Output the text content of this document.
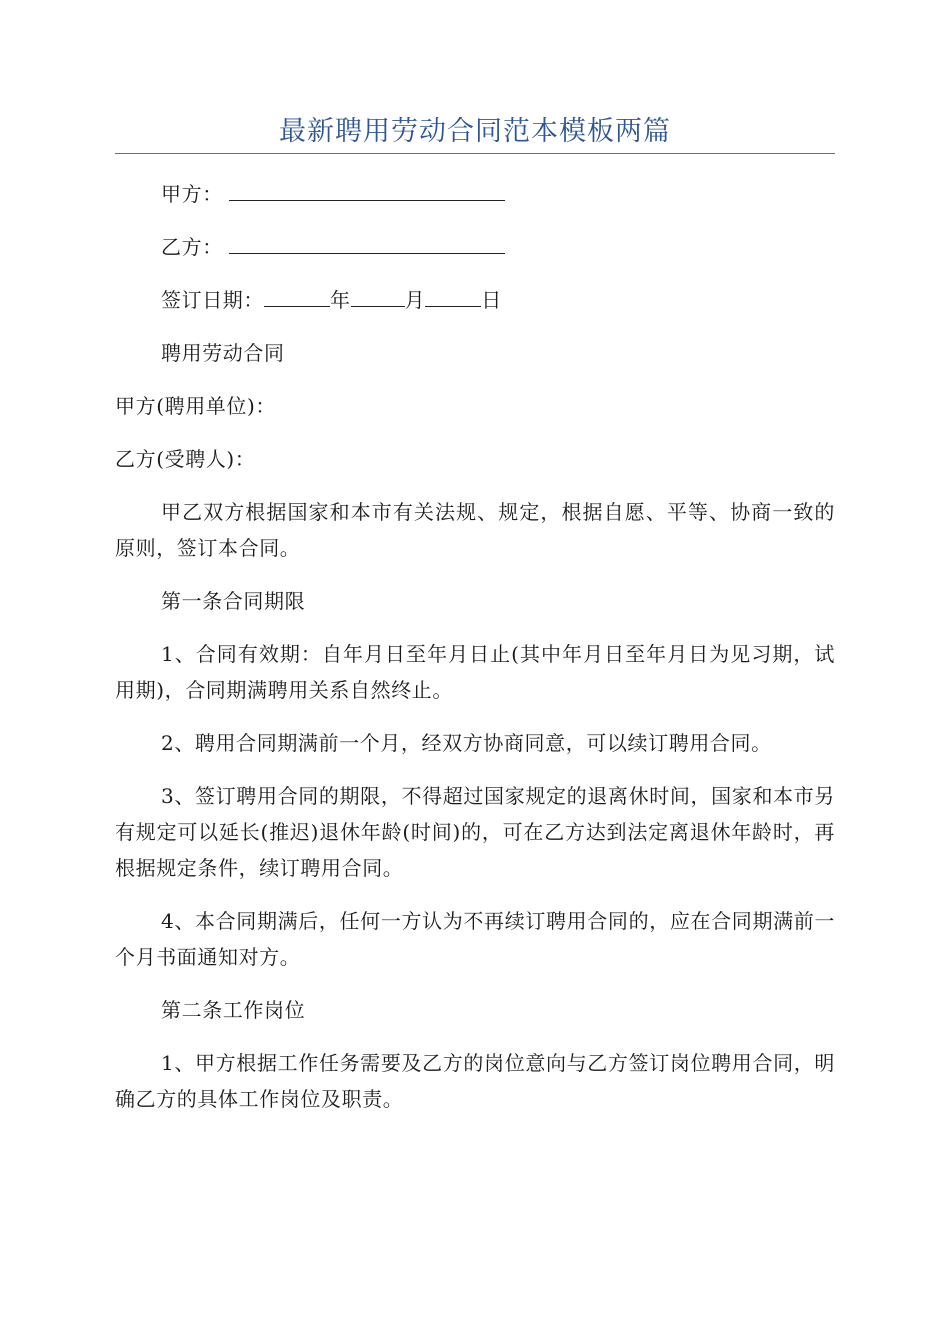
最新聘用劳动合同范本模板两篇

甲方：

乙方：

签订日期：	年	月	日

聘用劳动合同

甲方(聘用单位)：

乙方(受聘人)：

甲乙双方根据国家和本市有关法规、规定，根据自愿、平等、协商一致的原则，签订本合同。

第一条合同期限

1、合同有效期：自年月日至年月日止(其中年月日至年月日为见习期，试用期)，合同期满聘用关系自然终止。

2、聘用合同期满前一个月，经双方协商同意，可以续订聘用合同。

3、签订聘用合同的期限，不得超过国家规定的退离休时间，国家和本市另有规定可以延长(推迟)退休年龄(时间)的，可在乙方达到法定离退休年龄时，再根据规定条件，续订聘用合同。

4、本合同期满后，任何一方认为不再续订聘用合同的，应在合同期满前一个月书面通知对方。

第二条工作岗位

1、甲方根据工作任务需要及乙方的岗位意向与乙方签订岗位聘用合同，明确乙方的具体工作岗位及职责。
